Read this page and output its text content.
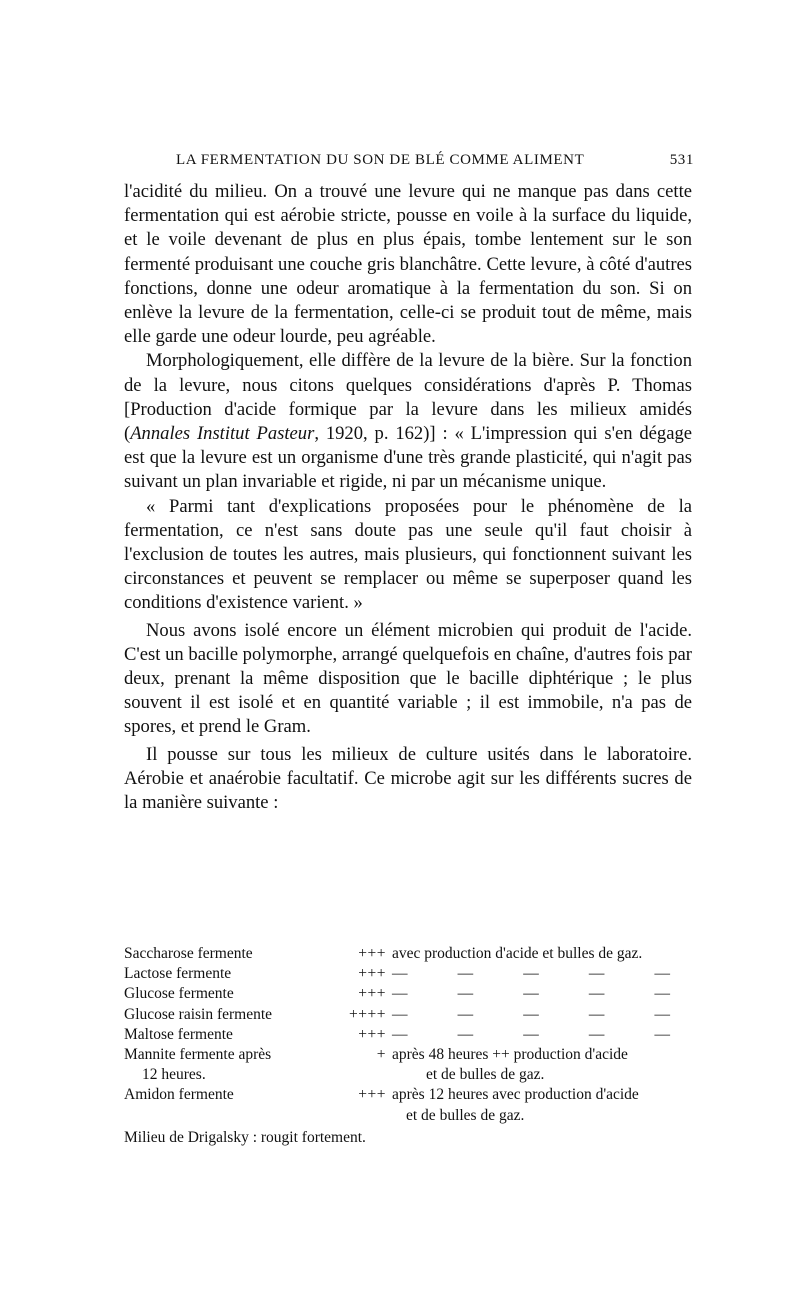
LA FERMENTATION DU SON DE BLÉ COMME ALIMENT	531

l'acidité du milieu. On a trouvé une levure qui ne manque pas dans cette fermentation qui est aérobie stricte, pousse en voile à la surface du liquide, et le voile devenant de plus en plus épais, tombe lentement sur le son fermenté produisant une couche gris blanchâtre. Cette levure, à côté d'autres fonctions, donne une odeur aromatique à la fermentation du son. Si on enlève la levure de la fermentation, celle-ci se produit tout de même, mais elle garde une odeur lourde, peu agréable.

Morphologiquement, elle diffère de la levure de la bière. Sur la fonction de la levure, nous citons quelques considérations d'après P. Thomas [Production d'acide formique par la levure dans les milieux amidés (Annales Institut Pasteur, 1920, p. 162)] : « L'impression qui s'en dégage est que la levure est un organisme d'une très grande plasticité, qui n'agit pas suivant un plan invariable et rigide, ni par un mécanisme unique.

« Parmi tant d'explications proposées pour le phénomène de la fermentation, ce n'est sans doute pas une seule qu'il faut choisir à l'exclusion de toutes les autres, mais plusieurs, qui fonctionnent suivant les circonstances et peuvent se remplacer ou même se superposer quand les conditions d'existence varient. »

Nous avons isolé encore un élément microbien qui produit de l'acide. C'est un bacille polymorphe, arrangé quelquefois en chaîne, d'autres fois par deux, prenant la même disposition que le bacille diphtérique ; le plus souvent il est isolé et en quantité variable ; il est immobile, n'a pas de spores, et prend le Gram.

Il pousse sur tous les milieux de culture usités dans le laboratoire. Aérobie et anaérobie facultatif. Ce microbe agit sur les différents sucres de la manière suivante :

Saccharose fermente	+++ avec production d'acide et bulles de gaz.
Lactose fermente	+++ —	—	—	—	—
Glucose fermente	+++ —	—	—	—	—
Glucose raisin fermente	++++ —	—	—	—	—
Maltose fermente	+++ —	—	—	—	—
Mannite fermente après	+ après 48 heures ++ production d'acide
12 heures.	et de bulles de gaz.
Amidon fermente	+++ après 12 heures avec production d'acide
et de bulles de gaz.
Milieu de Drigalsky : rougit fortement.
